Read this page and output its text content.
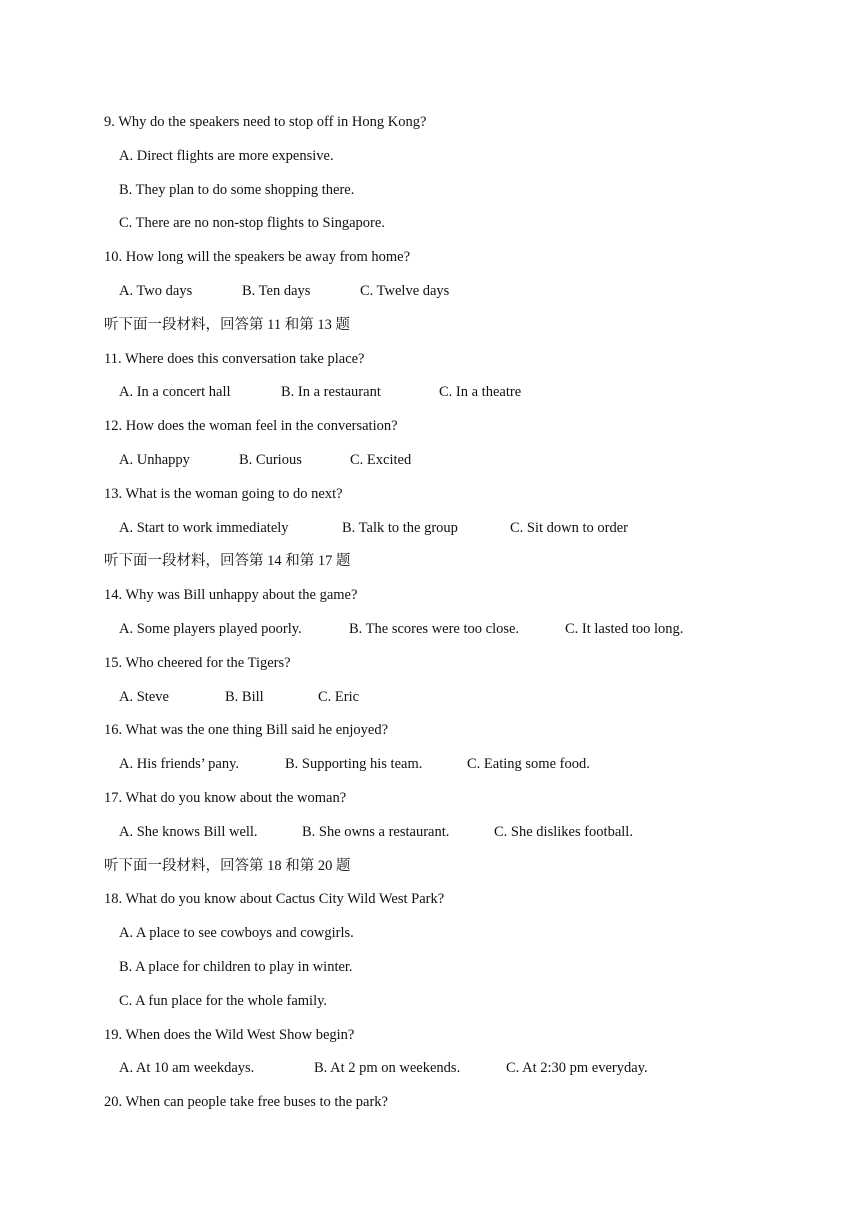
9. Why do the speakers need to stop off in Hong Kong?
A. Direct flights are more expensive.
B. They plan to do some shopping there.
C. There are no non-stop flights to Singapore.
10. How long will the speakers be away from home?
A. Two days	B. Ten days	C. Twelve days
听下面一段材料，回答第 11 和第 13 题
11. Where does this conversation take place?
A. In a concert hall	B. In a restaurant	C. In a theatre
12. How does the woman feel in the conversation?
A. Unhappy	B. Curious	C. Excited
13. What is the woman going to do next?
A. Start to work immediately	B. Talk to the group	C. Sit down to order
听下面一段材料，回答第 14 和第 17 题
14. Why was Bill unhappy about the game?
A. Some players played poorly.	B. The scores were too close.	C. It lasted too long.
15. Who cheered for the Tigers?
A. Steve	B. Bill	C. Eric
16. What was the one thing Bill said he enjoyed?
A. His friends’ pany.	B. Supporting his team.	C. Eating some food.
17. What do you know about the woman?
A. She knows Bill well.	B. She owns a restaurant.	C. She dislikes football.
听下面一段材料，回答第 18 和第 20 题
18. What do you know about Cactus City Wild West Park?
A. A place to see cowboys and cowgirls.
B. A place for children to play in winter.
C. A fun place for the whole family.
19. When does the Wild West Show begin?
A. At 10 am weekdays.	B. At 2 pm on weekends.	C. At 2:30 pm everyday.
20. When can people take free buses to the park?
